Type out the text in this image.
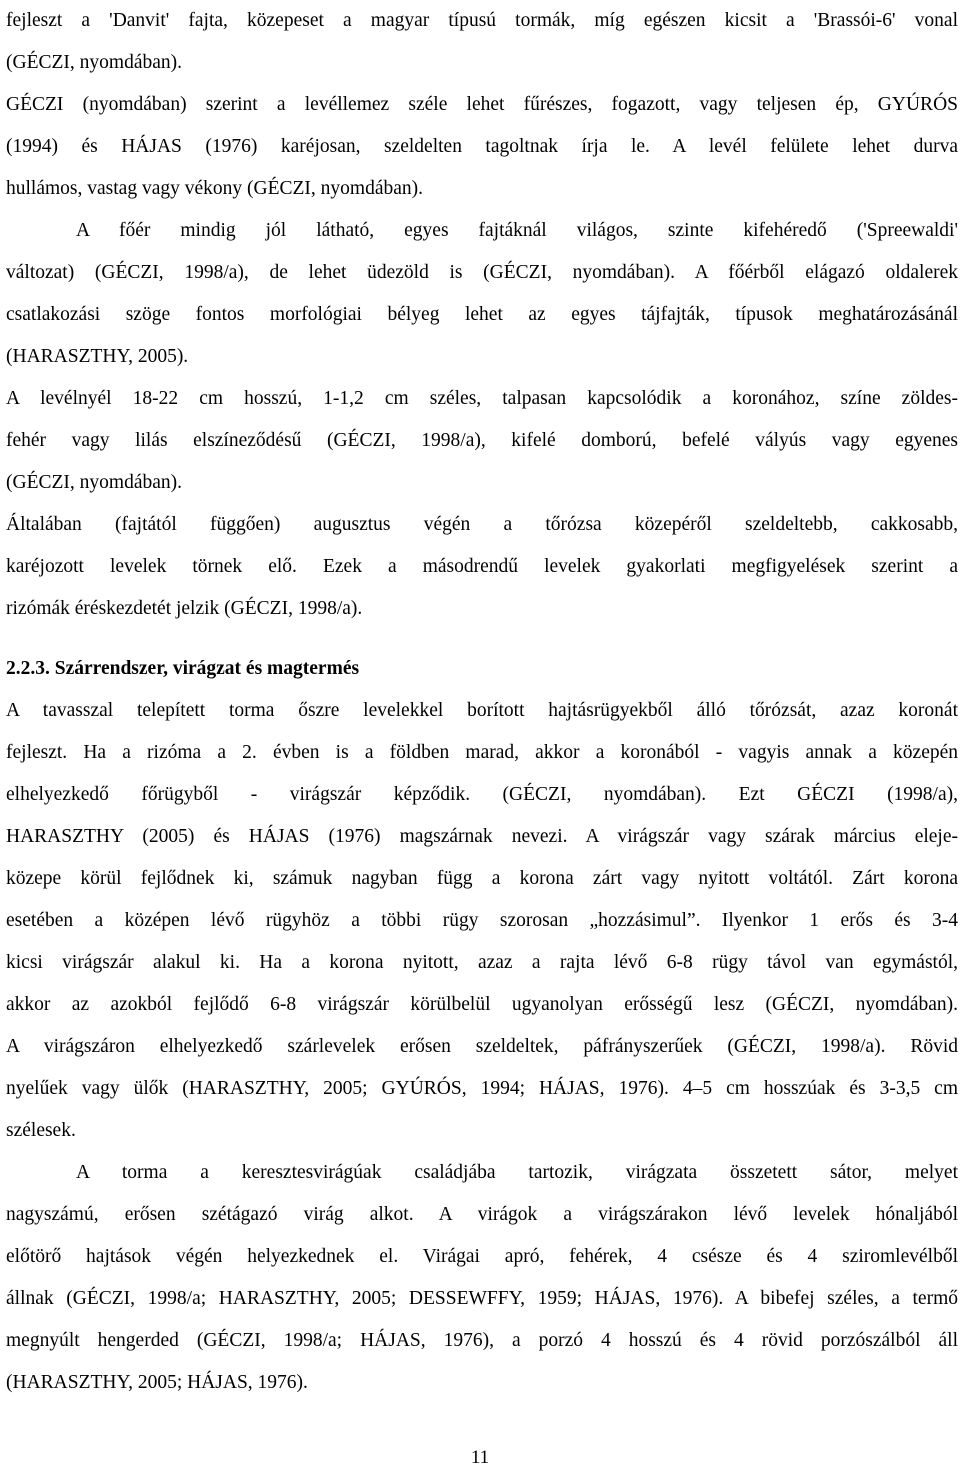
fejleszt a 'Danvit' fajta, közepeset a magyar típusú tormák, míg egészen kicsit a 'Brassói-6' vonal
(GÉCZI, nyomdában).
GÉCZI (nyomdában) szerint a levéllemez széle lehet fűrészes, fogazott, vagy teljesen ép, GYÚRÓS
(1994) és HÁJAS (1976) karéjosan, szeldelten tagoltnak írja le. A levél felülete lehet durva
hullámos, vastag vagy vékony (GÉCZI, nyomdában).
A főér mindig jól látható, egyes fajtáknál világos, szinte kifehéredő ('Spreewaldi'
változat) (GÉCZI, 1998/a), de lehet üdezöld is (GÉCZI, nyomdában). A főérből elágazó oldalerek
csatlakozási szöge fontos morfológiai bélyeg lehet az egyes tájfajták, típusok meghatározásánál
(HARASZTHY, 2005).
A levélnyél 18-22 cm hosszú, 1-1,2 cm széles, talpasan kapcsolódik a koronához, színe zöldes-
fehér vagy lilás elszíneződésű (GÉCZI, 1998/a), kifelé domború, befelé vályús vagy egyenes
(GÉCZI, nyomdában).
Általában (fajtától függően) augusztus végén a tőrózsa közepéről szeldeltebb, cakkosabb,
karéjozott levelek törnek elő. Ezek a másodrendű levelek gyakorlati megfigyelések szerint a
rizómák éréskezdetét jelzik (GÉCZI, 1998/a).
2.2.3. Szárrendszer, virágzat és magtermés
A tavasszal telepített torma őszre levelekkel borított hajtásrügyekből álló tőrózsát, azaz koronát
fejleszt. Ha a rizóma a 2. évben is a földben marad, akkor a koronából - vagyis annak a közepén
elhelyezkedő főrügyből - virágszár képződik. (GÉCZI, nyomdában). Ezt GÉCZI (1998/a),
HARASZTHY (2005) és HÁJAS (1976) magszárnak nevezi. A virágszár vagy szárak március eleje-
közepe körül fejlődnek ki, számuk nagyban függ a korona zárt vagy nyitott voltától. Zárt korona
esetében a középen lévő rügyhöz a többi rügy szorosan „hozzásimul”. Ilyenkor 1 erős és 3-4
kicsi virágszár alakul ki. Ha a korona nyitott, azaz a rajta lévő 6-8 rügy távol van egymástól,
akkor az azokból fejlődő 6-8 virágszár körülbelül ugyanolyan erősségű lesz (GÉCZI, nyomdában).
A virágszáron elhelyezkedő szárlevelek erősen szeldeltek, páfrányszerűek (GÉCZI, 1998/a). Rövid
nyelűek vagy ülők (HARASZTHY, 2005; GYÚRÓS, 1994; HÁJAS, 1976). 4–5 cm hosszúak és 3-3,5 cm
szélesek.
A torma a keresztesvirágúak családjába tartozik, virágzata összetett sátor, melyet
nagyszámú, erősen szétágazó virág alkot. A virágok a virágszárakon lévő levelek hónaljából
előtörő hajtások végén helyezkednek el. Virágai apró, fehérek, 4 csésze és 4 sziromlevélből
állnak (GÉCZI, 1998/a; HARASZTHY, 2005; DESSEWFFY, 1959; HÁJAS, 1976). A bibefej széles, a termő
megnyúlt hengerded (GÉCZI, 1998/a; HÁJAS, 1976), a porzó 4 hosszú és 4 rövid porzószálból áll
(HARASZTHY, 2005; HÁJAS, 1976).
11
